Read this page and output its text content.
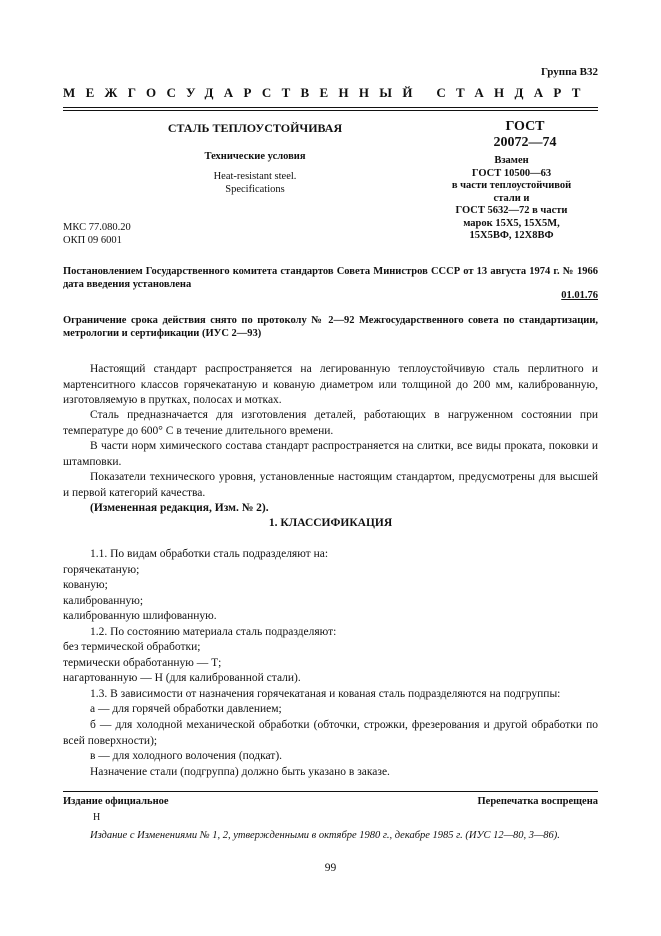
Группа В32
МЕЖГОСУДАРСТВЕННЫЙ СТАНДАРТ
СТАЛЬ ТЕПЛОУСТОЙЧИВАЯ
Технические условия
Heat-resistant steel.
Specifications
ГОСТ
20072—74
Взамен
ГОСТ 10500—63
в части теплоустойчивой
стали и
ГОСТ 5632—72 в части
марок 15Х5, 15Х5М,
15Х5ВФ, 12Х8ВФ
МКС 77.080.20
ОКП 09 6001
Постановлением Государственного комитета стандартов Совета Министров СССР от 13 августа 1974 г. № 1966 дата введения установлена
01.01.76
Ограничение срока действия снято по протоколу № 2—92 Межгосударственного совета по стандартизации, метрологии и сертификации (ИУС 2—93)
Настоящий стандарт распространяется на легированную теплоустойчивую сталь перлитного и мартенситного классов горячекатаную и кованую диаметром или толщиной до 200 мм, калиброванную, изготовляемую в прутках, полосах и мотках.
Сталь предназначается для изготовления деталей, работающих в нагруженном состоянии при температуре до 600° С в течение длительного времени.
В части норм химического состава стандарт распространяется на слитки, все виды проката, поковки и штамповки.
Показатели технического уровня, установленные настоящим стандартом, предусмотрены для высшей и первой категорий качества.
(Измененная редакция, Изм. № 2).
1. КЛАССИФИКАЦИЯ
1.1. По видам обработки сталь подразделяют на:
горячекатаную;
кованую;
калиброванную;
калиброванную шлифованную.
1.2. По состоянию материала сталь подразделяют:
без термической обработки;
термически обработанную — Т;
нагартованную — Н (для калиброванной стали).
1.3. В зависимости от назначения горячекатаная и кованая сталь подразделяются на подгруппы:
а — для горячей обработки давлением;
б — для холодной механической обработки (обточки, строжки, фрезерования и другой обработки по всей поверхности);
в — для холодного волочения (подкат).
Назначение стали (подгруппа) должно быть указано в заказе.
Издание официальное	Перепечатка воспрещена
Н
Издание с Изменениями № 1, 2, утвержденными в октябре 1980 г., декабре 1985 г. (ИУС 12—80, 3—86).
99
